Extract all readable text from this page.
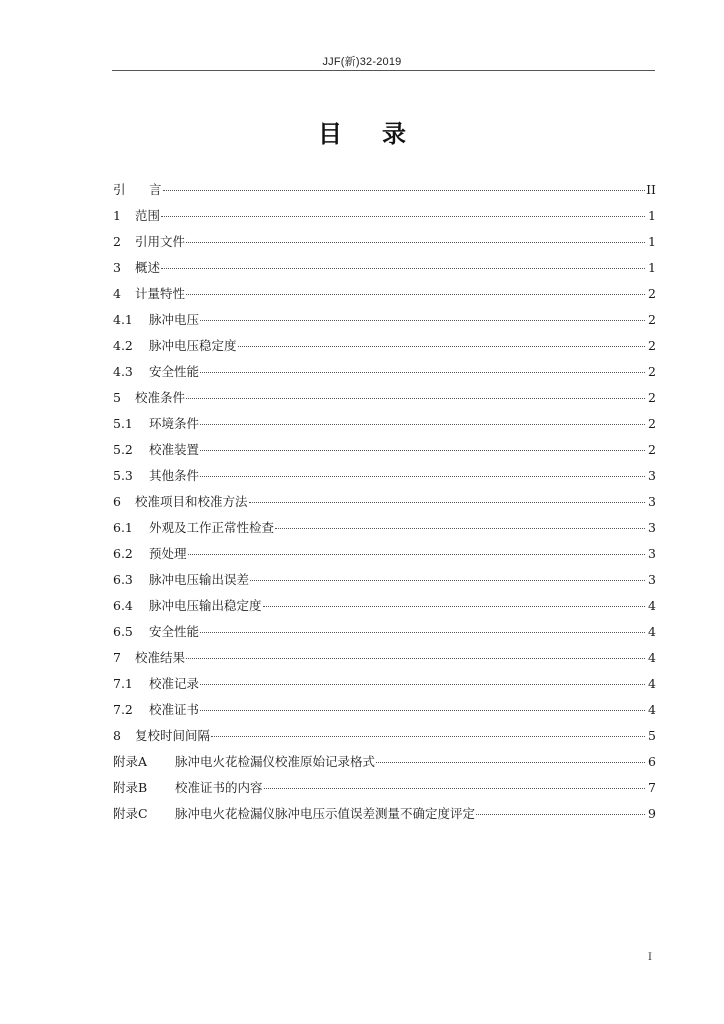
JJF(新)32-2019
目录
引	言	II
1	范围	1
2	引用文件	1
3	概述	1
4	计量特性	2
4.1	脉冲电压	2
4.2	脉冲电压稳定度	2
4.3	安全性能	2
5	校准条件	2
5.1	环境条件	2
5.2	校准装置	2
5.3	其他条件	3
6	校准项目和校准方法	3
6.1	外观及工作正常性检查	3
6.2	预处理	3
6.3	脉冲电压输出误差	3
6.4	脉冲电压输出稳定度	4
6.5	安全性能	4
7	校准结果	4
7.1	校准记录	4
7.2	校准证书	4
8	复校时间间隔	5
附录A	脉冲电火花检漏仪校准原始记录格式	6
附录B	校准证书的内容	7
附录C	脉冲电火花检漏仪脉冲电压示值误差测量不确定度评定	9
I
